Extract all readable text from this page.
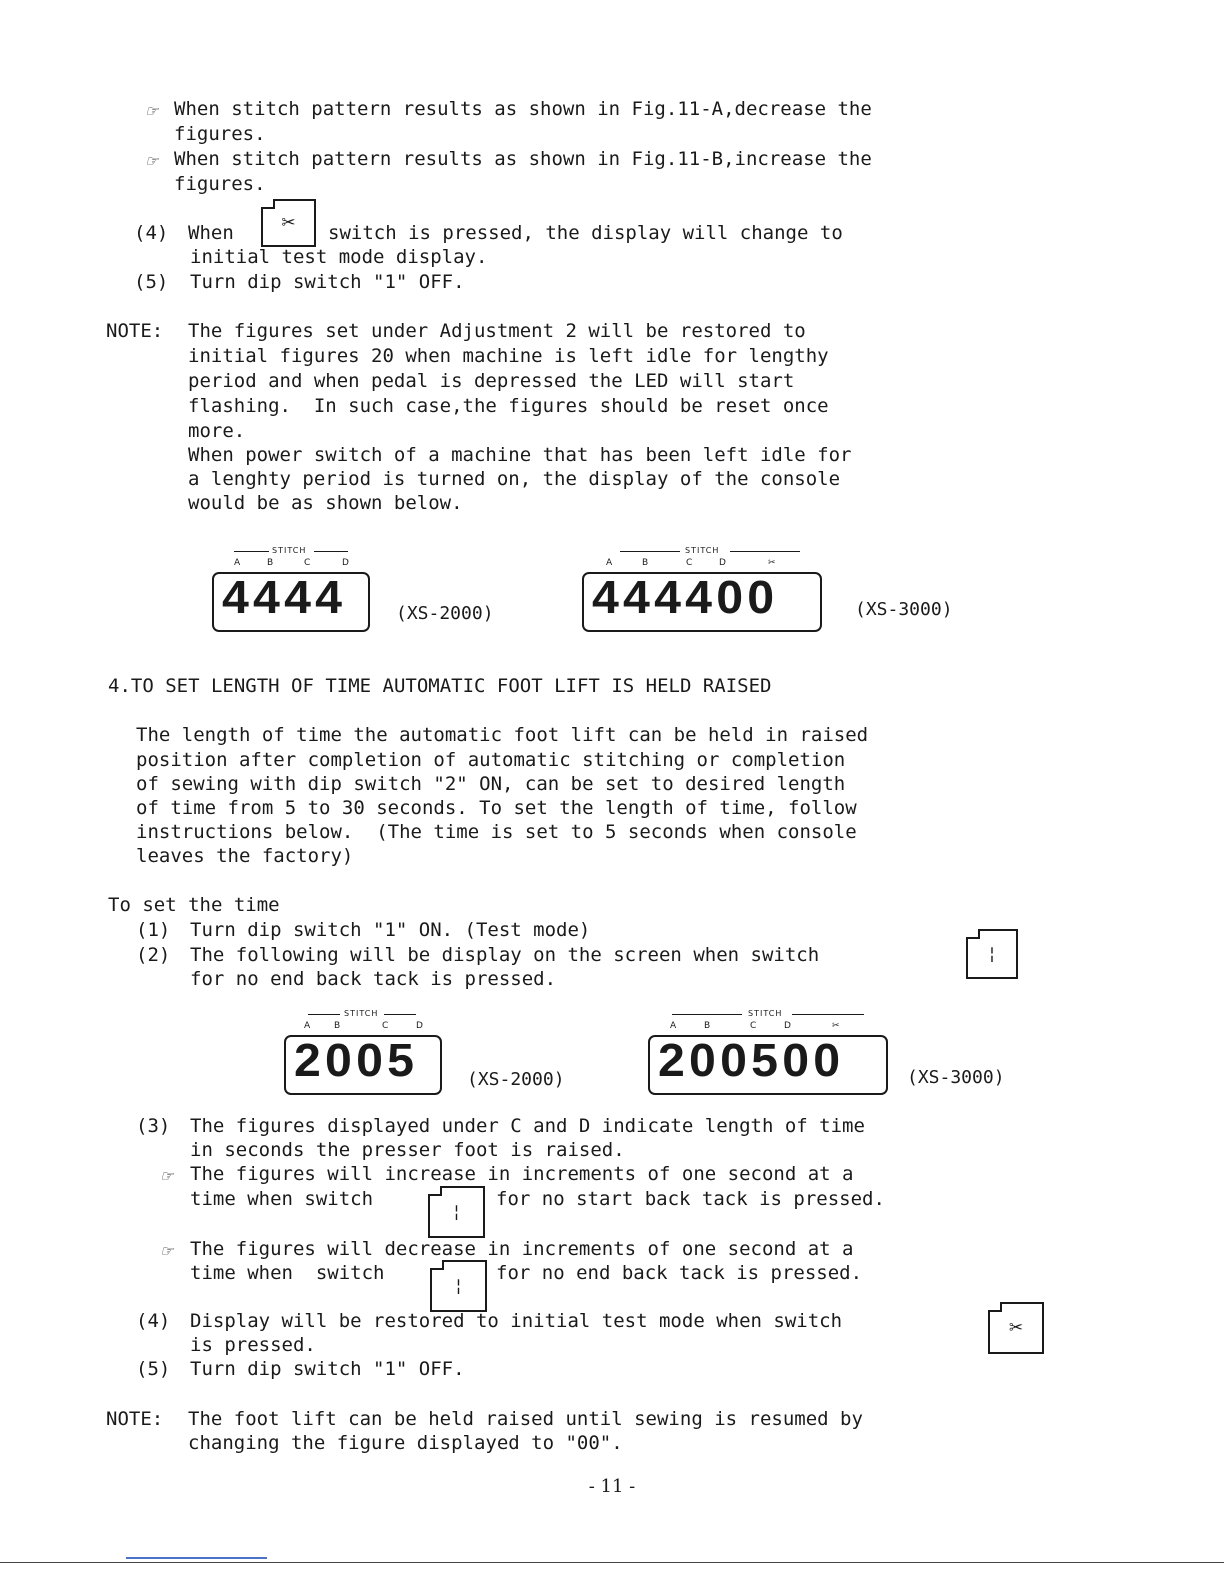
☞ When stitch pattern results as shown in Fig.11-A,decrease the
figures.
☞ When stitch pattern results as shown in Fig.11-B,increase the
figures.
(4) When	✂	switch is pressed, the display will change to
initial test mode display.
(5) Turn dip switch "1" OFF.
NOTE: The figures set under Adjustment 2 will be restored to
initial figures 20 when machine is left idle for lengthy
period and when pedal is depressed the LED will start
flashing.  In such case,the figures should be reset once
more.
When power switch of a machine that has been left idle for
a lenghty period is turned on, the display of the console
would be as shown below.
STITCH
A	B	C	D
4444	(XS-2000)
STITCH
A	B	C	D	✂
444400	(XS-3000)
4.TO SET LENGTH OF TIME AUTOMATIC FOOT LIFT IS HELD RAISED
The length of time the automatic foot lift can be held in raised
position after completion of automatic stitching or completion
of sewing with dip switch "2" ON, can be set to desired length
of time from 5 to 30 seconds. To set the length of time, follow
instructions below.  (The time is set to 5 seconds when console
leaves the factory)
To set the time
(1) Turn dip switch "1" ON. (Test mode)
(2) The following will be display on the screen when switch	¦
for no end back tack is pressed.
STITCH
A	B	C	D
2005	(XS-2000)
STITCH
A	B	C	D	✂
200500	(XS-3000)
(3) The figures displayed under C and D indicate length of time
in seconds the presser foot is raised.
☞ The figures will increase in increments of one second at a
time when switch
¦
for no start back tack is pressed.
☞ The figures will decrease in increments of one second at a
time when  switch
¦
for no end back tack is pressed.
(4) Display will be restored to initial test mode when switch	✂
is pressed.
(5) Turn dip switch "1" OFF.
NOTE: The foot lift can be held raised until sewing is resumed by
changing the figure displayed to "00".
- 11 -
